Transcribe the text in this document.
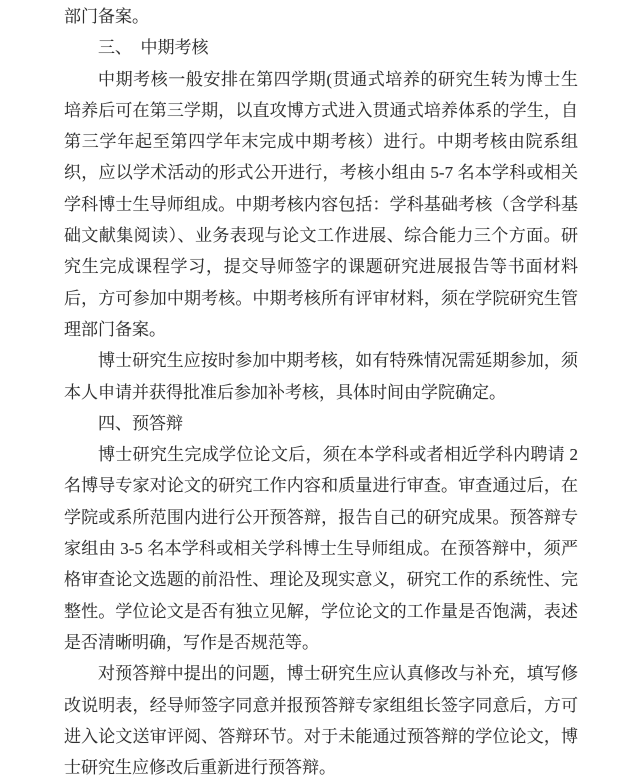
部门备案。

三、　中期考核

中期考核一般安排在第四学期(贯通式培养的研究生转为博士生培养后可在第三学期，以直攻博方式进入贯通式培养体系的学生，自第三学年起至第四学年末完成中期考核）进行。中期考核由院系组织，应以学术活动的形式公开进行，考核小组由 5-7 名本学科或相关学科博士生导师组成。中期考核内容包括：学科基础考核（含学科基础文献集阅读）、业务表现与论文工作进展、综合能力三个方面。研究生完成课程学习，提交导师签字的课题研究进展报告等书面材料后，方可参加中期考核。中期考核所有评审材料，须在学院研究生管理部门备案。

博士研究生应按时参加中期考核，如有特殊情况需延期参加，须本人申请并获得批准后参加补考核，具体时间由学院确定。

四、预答辩

博士研究生完成学位论文后，须在本学科或者相近学科内聘请 2 名博导专家对论文的研究工作内容和质量进行审查。审查通过后，在学院或系所范围内进行公开预答辩，报告自己的研究成果。预答辩专家组由 3-5 名本学科或相关学科博士生导师组成。在预答辩中，须严格审查论文选题的前沿性、理论及现实意义，研究工作的系统性、完整性。学位论文是否有独立见解，学位论文的工作量是否饱满，表述是否清晰明确，写作是否规范等。

对预答辩中提出的问题，博士研究生应认真修改与补充，填写修改说明表，经导师签字同意并报预答辩专家组组长签字同意后，方可进入论文送审评阅、答辩环节。对于未能通过预答辩的学位论文，博士研究生应修改后重新进行预答辩。
